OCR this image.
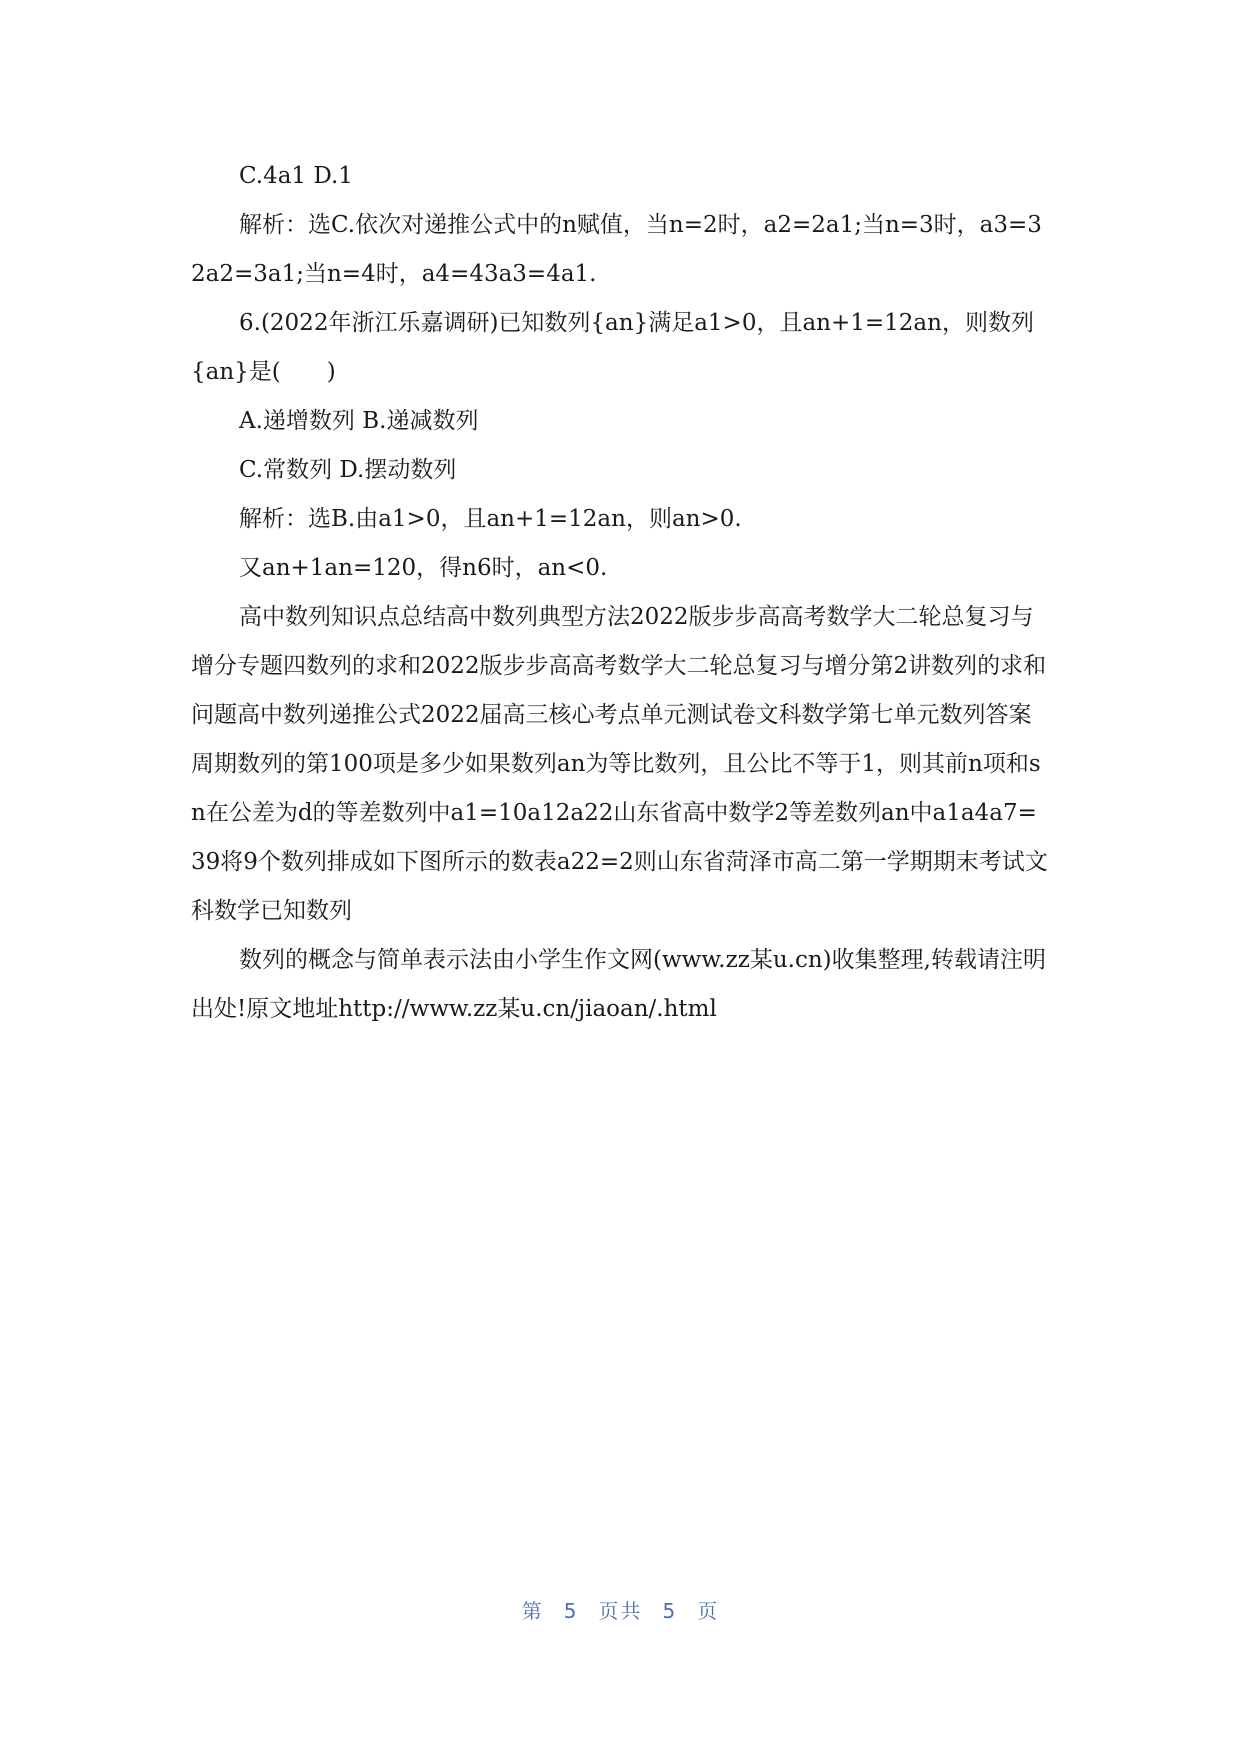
C.4a1 D.1

解析：选C.依次对递推公式中的n赋值，当n=2时，a2=2a1;当n=3时，a3=32a2=3a1;当n=4时，a4=43a3=4a1.

6.(2022年浙江乐嘉调研)已知数列{an}满足a1>0，且an+1=12an，则数列{an}是(　　)

A.递增数列 B.递减数列

C.常数列 D.摆动数列

解析：选B.由a1>0，且an+1=12an，则an>0.

又an+1an=120，得n6时，an<0.

高中数列知识点总结高中数列典型方法2022版步步高高考数学大二轮总复习与增分专题四数列的求和2022版步步高高考数学大二轮总复习与增分第2讲数列的求和问题高中数列递推公式2022届高三核心考点单元测试卷文科数学第七单元数列答案周期数列的第100项是多少如果数列an为等比数列，且公比不等于1，则其前n项和sn在公差为d的等差数列中a1=10a12a22山东省高中数学2等差数列an中a1a4a7=39将9个数列排成如下图所示的数表a22=2则山东省菏泽市高二第一学期期末考试文科数学已知数列

数列的概念与简单表示法由小学生作文网(www.zz某u.cn)收集整理,转载请注明出处!原文地址http://www.zz某u.cn/jiaoan/.html

第 5 页共 5 页
